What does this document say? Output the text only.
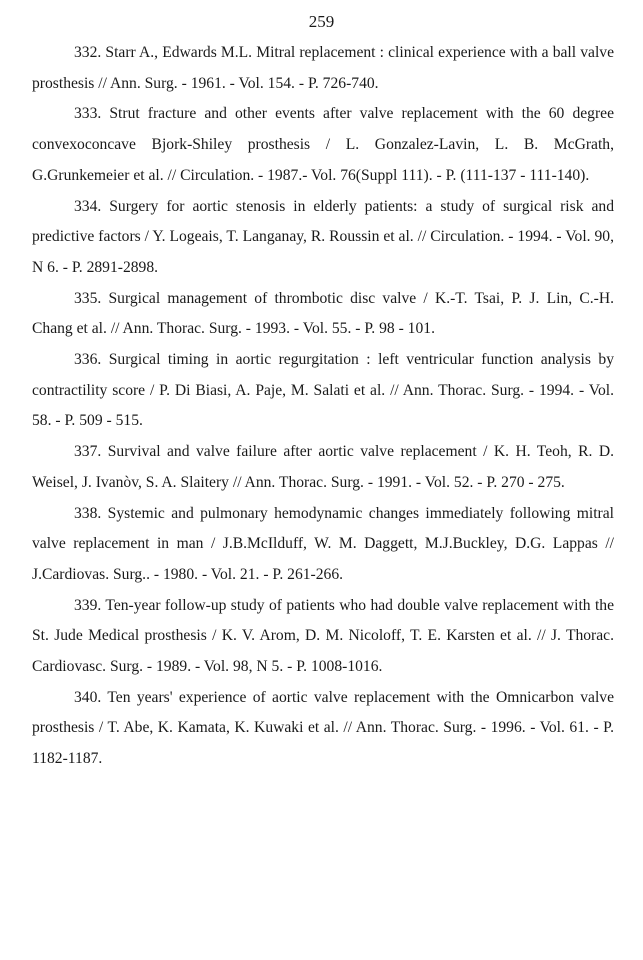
259

332. Starr A., Edwards M.L. Mitral replacement : clinical experience with a ball valve prosthesis // Ann. Surg. - 1961. - Vol. 154. - P. 726-740.

333. Strut fracture and other events after valve replacement with the 60 degree convexoconcave Bjork-Shiley prosthesis / L. Gonzalez-Lavin, L. B. McGrath, G.Grunkemeier et al. // Circulation. - 1987.- Vol. 76(Suppl 111). - P. (111-137 - 111-140).

334. Surgery for aortic stenosis in elderly patients: a study of surgical risk and predictive factors / Y. Logeais, T. Langanay, R. Roussin et al. // Circulation. - 1994. - Vol. 90, N 6. - P. 2891-2898.

335. Surgical management of thrombotic disc valve / K.-T. Tsai, P. J. Lin, C.-H. Chang et al. // Ann. Thorac. Surg. - 1993. - Vol. 55. - P. 98 - 101.

336. Surgical timing in aortic regurgitation : left ventricular function analysis by contractility score / P. Di Biasi, A. Paje, M. Salati et al. // Ann. Thorac. Surg. - 1994. - Vol. 58. - P. 509 - 515.

337. Survival and valve failure after aortic valve replacement / K. H. Teoh, R. D. Weisel, J. Ivanòv, S. A. Slaitery // Ann. Thorac. Surg. - 1991. - Vol. 52. - P. 270 - 275.

338. Systemic and pulmonary hemodynamic changes immediately following mitral valve replacement in man / J.B.McIlduff, W. M. Daggett, M.J.Buckley, D.G. Lappas // J.Cardiovas. Surg.. - 1980. - Vol. 21. - P. 261-266.

339. Ten-year follow-up study of patients who had double valve replacement with the St. Jude Medical prosthesis / K. V. Arom, D. M. Nicoloff, T. E. Karsten et al. // J. Thorac. Cardiovasc. Surg. - 1989. - Vol. 98, N 5. - P. 1008-1016.

340. Ten years' experience of aortic valve replacement with the Omnicarbon valve prosthesis / T. Abe, K. Kamata, K. Kuwaki et al. // Ann. Thorac. Surg. - 1996. - Vol. 61. - P. 1182-1187.
